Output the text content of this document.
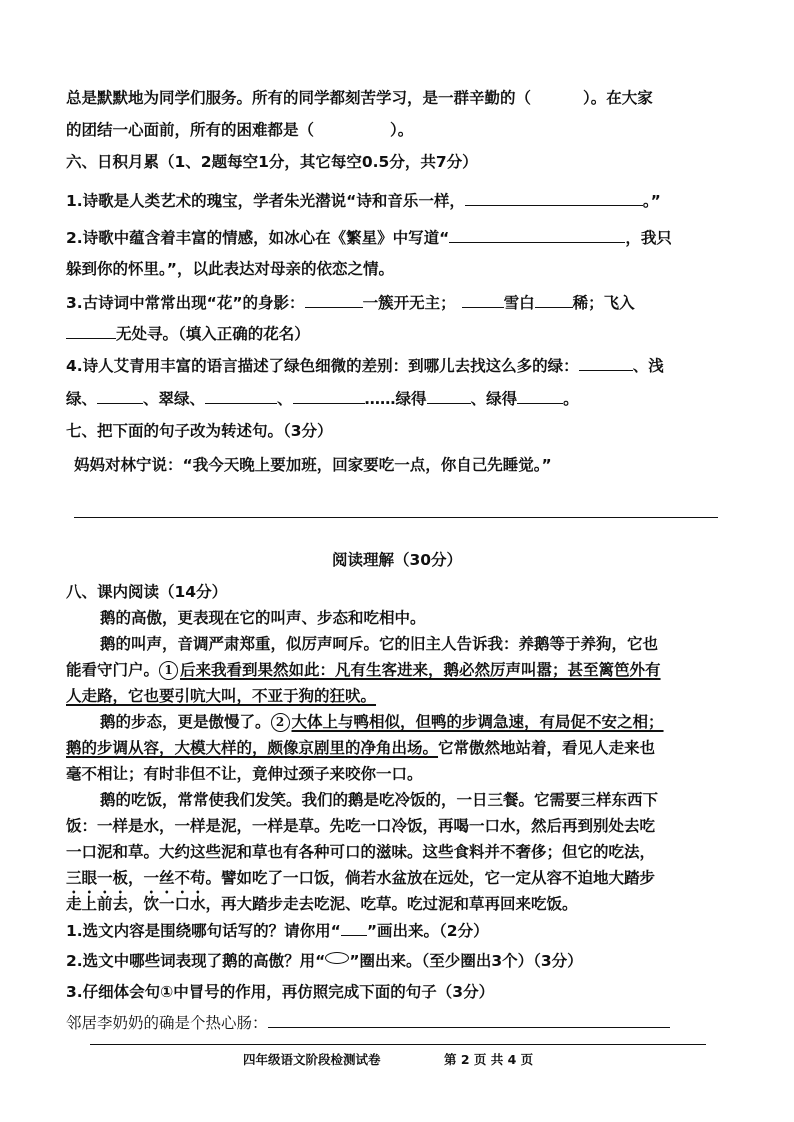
总是默默地为同学们服务。所有的同学都刻苦学习，是一群辛勤的（	）。在大家
的团结一心面前，所有的困难都是（	）。
六、日积月累（1、2题每空1分，其它每空0.5分，共7分）
1.诗歌是人类艺术的瑰宝，学者朱光潜说“诗和音乐一样，	。”
2.诗歌中蕴含着丰富的情感，如冰心在《繁星》中写道“	，我只
躲到你的怀里。”，以此表达对母亲的依恋之情。
3.古诗词中常常出现“花”的身影：	一簇开无主；	雪白 稀；飞入
无处寻。（填入正确的花名）
4.诗人艾青用丰富的语言描述了绿色细微的差别：到哪儿去找这么多的绿：	、浅
绿、	、翠绿、	、	……绿得	、绿得	。
七、把下面的句子改为转述句。（3分）
妈妈对林宁说：“我今天晚上要加班，回家要吃一点，你自己先睡觉。”
阅读理解（30分）
八、课内阅读（14分）
鹅的高傲，更表现在它的叫声、步态和吃相中。
鹅的叫声，音调严肃郑重，似厉声呵斥。它的旧主人告诉我：养鹅等于养狗，它也
能看守门户。 1 后来我看到果然如此：凡有生客进来，鹅必然厉声叫嚣；甚至篱笆外有
人走路，它也要引吭大叫，不亚于狗的狂吠。
鹅的步态，更是傲慢了。 2 大体上与鸭相似，但鸭的步调急速，有局促不安之相；
鹅的步调从容，大模大样的，颇像京剧里的净角出场。它常傲然地站着，看见人走来也
毫不相让；有时非但不让，竟伸过颈子来咬你一口。
鹅的吃饭，常常使我们发笑。我们的鹅是吃冷饭的，一日三餐。它需要三样东西下
饭：一样是水，一样是泥，一样是草。先吃一口冷饭，再喝一口水，然后再到别处去吃
一口泥和草。大约这些泥和草也有各种可口的滋味。这些食料并不奢侈；但它的吃法，
三眼一板，一丝不苟。譬如吃了一口饭，倘若水盆放在远处，它一定从容不迫地大踏步
走上前去，饮一口水，再大踏步走去吃泥、吃草。吃过泥和草再回来吃饭。
1.选文内容是围绕哪句话写的？请你用“ ”画出来。（2分）
2.选文中哪些词表现了鹅的高傲？用“ ”圈出来。（至少圈出3个）（3分）
3.仔细体会句①中冒号的作用，再仿照完成下面的句子（3分）
邻居李奶奶的确是个热心肠：
四年级语文阶段检测试卷	第 2 页 共 4 页
